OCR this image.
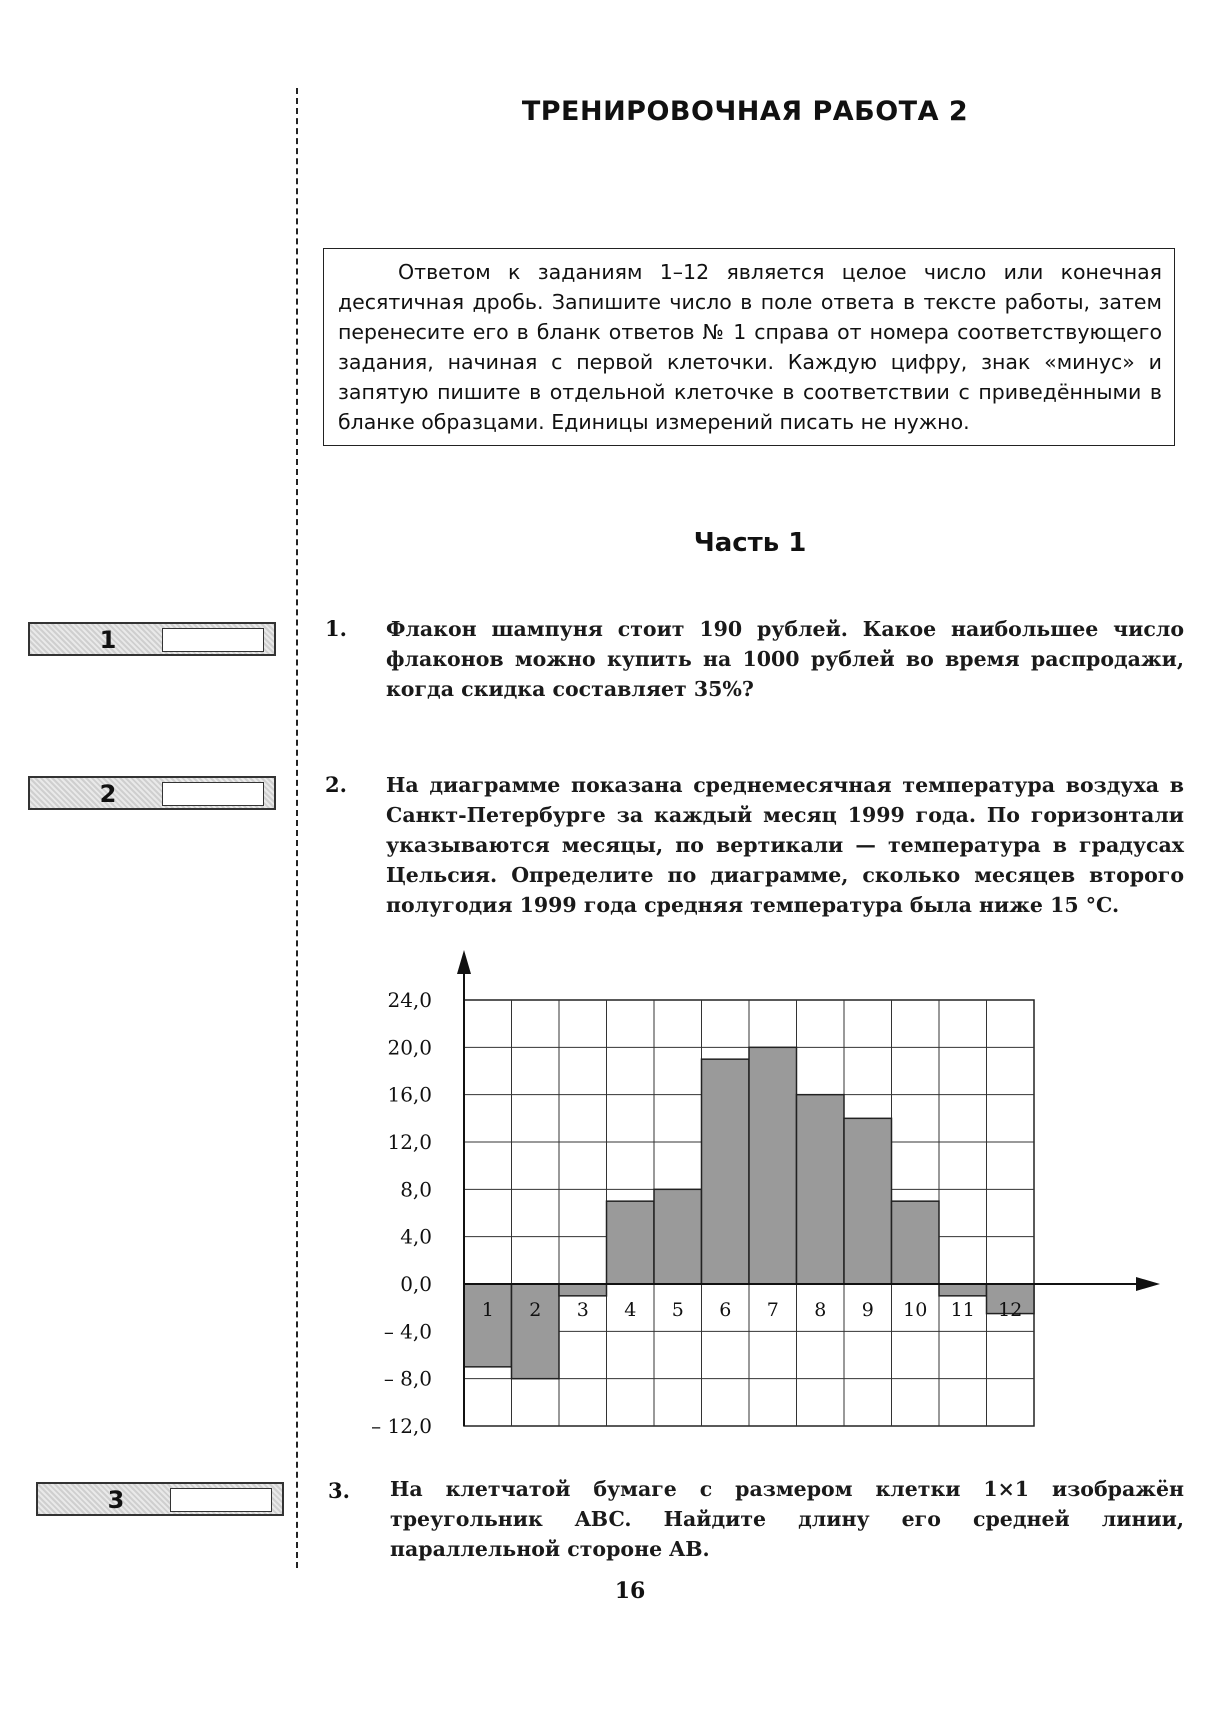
ТРЕНИРОВОЧНАЯ РАБОТА 2
Ответом к заданиям 1–12 является целое число или конечная десятичная дробь. Запишите число в поле ответа в тексте работы, затем перенесите его в бланк ответов № 1 справа от номера соответствующего задания, начиная с первой клеточки. Каждую цифру, знак «минус» и запятую пишите в отдельной клеточке в соответствии с приведёнными в бланке образцами. Единицы измерений писать не нужно.
Часть 1
1
2
3
1. Флакон шампуня стоит 190 рублей. Какое наибольшее число флаконов можно купить на 1000 рублей во время распродажи, когда скидка составляет 35%?
2. На диаграмме показана среднемесячная температура воздуха в Санкт-Петербурге за каждый месяц 1999 года. По горизонтали указываются месяцы, по вертикали — температура в градусах Цельсия. Определите по диаграмме, сколько месяцев второго полугодия 1999 года средняя температура была ниже 15 °C.
1 2 3 4 5 6 7 8 9 10 11 12
24,0
20,0
16,0
12,0
8,0
4,0
0,0
– 4,0
– 8,0
– 12,0
3. На клетчатой бумаге с размером клетки 1×1 изображён треугольник ABC. Найдите длину его средней линии, параллельной стороне AB.
16
